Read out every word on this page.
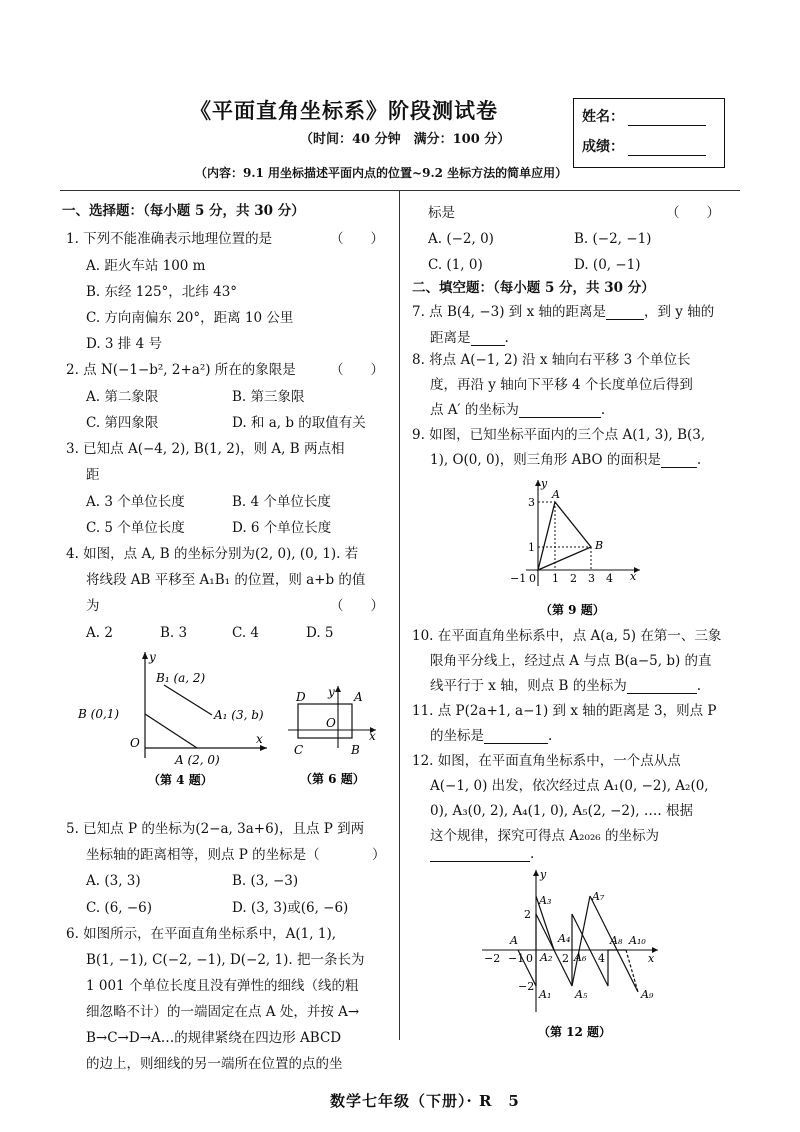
《平面直角坐标系》阶段测试卷
（时间：40 分钟　满分：100 分）
（内容：9.1 用坐标描述平面内点的位置~9.2 坐标方法的简单应用）
姓名：
成绩：
一、选择题：（每小题 5 分，共 30 分）
1. 下列不能准确表示地理位置的是	（　　）
A. 距火车站 100 m
B. 东经 125°，北纬 43°
C. 方向南偏东 20°，距离 10 公里
D. 3 排 4 号
2. 点 N(−1−b², 2+a²) 所在的象限是	（　　）
A. 第二象限	B. 第三象限
C. 第四象限	D. 和 a, b 的取值有关
3. 已知点 A(−4, 2), B(1, 2)，则 A, B 两点相
距
A. 3 个单位长度	B. 4 个单位长度
C. 5 个单位长度	D. 6 个单位长度
4. 如图，点 A, B 的坐标分别为(2, 0), (0, 1). 若
将线段 AB 平移至 A₁B₁ 的位置，则 a+b 的值
为	（　　）
A. 2	B. 3	C. 4	D. 5
y
B₁ (a, 2)
B (0,1)	A₁ (3, b)
O
A (2, 0)
x
（第 4 题）
D y A
O
x
C	B
（第 6 题）
5. 已知点 P 的坐标为(2−a, 3a+6)，且点 P 到两
坐标轴的距离相等，则点 P 的坐标是（	）
A. (3, 3)	B. (3, −3)
C. (6, −6)	D. (3, 3)或(6, −6)
6. 如图所示，在平面直角坐标系中，A(1, 1),
B(1, −1), C(−2, −1), D(−2, 1). 把一条长为
1 001 个单位长度且没有弹性的细线（线的粗
细忽略不计）的一端固定在点 A 处，并按 A→
B→C→D→A…的规律紧绕在四边形 ABCD
的边上，则细线的另一端所在位置的点的坐
标是	（　　）
A. (−2, 0)	B. (−2, −1)
C. (1, 0)	D. (0, −1)
二、填空题：（每小题 5 分，共 30 分）
7. 点 B(4, −3) 到 x 轴的距离是	，到 y 轴的
距离是	.
8. 将点 A(−1, 2) 沿 x 轴向右平移 3 个单位长
度，再沿 y 轴向下平移 4 个长度单位后得到
点 A′ 的坐标为	.
9. 如图，已知坐标平面内的三个点 A(1, 3), B(3,
1), O(0, 0)，则三角形 ABO 的面积是	.
y
A
B
x
3
1
−1 0 1 2 3 4
（第 9 题）
10. 在平面直角坐标系中，点 A(a, 5) 在第一、三象
限角平分线上，经过点 A 与点 B(a−5, b) 的直
线平行于 x 轴，则点 B 的坐标为	.
11. 点 P(2a+1, a−1) 到 x 轴的距离是 3，则点 P
的坐标是	.
12. 如图，在平面直角坐标系中，一个点从点
A(−1, 0) 出发，依次经过点 A₁(0, −2), A₂(0,
0), A₃(0, 2), A₄(1, 0), A₅(2, −2), …. 根据
这个规律，探究可得点 A₂₀₂₆ 的坐标为
.
y
x
A
A₁
A₂
A₃
A₄
A₅
A₆
A₇
A₈
A₉
A₁₀
−2 −1 0	2	4
2
−2
（第 12 题）
数学七年级（下册）· R　5
